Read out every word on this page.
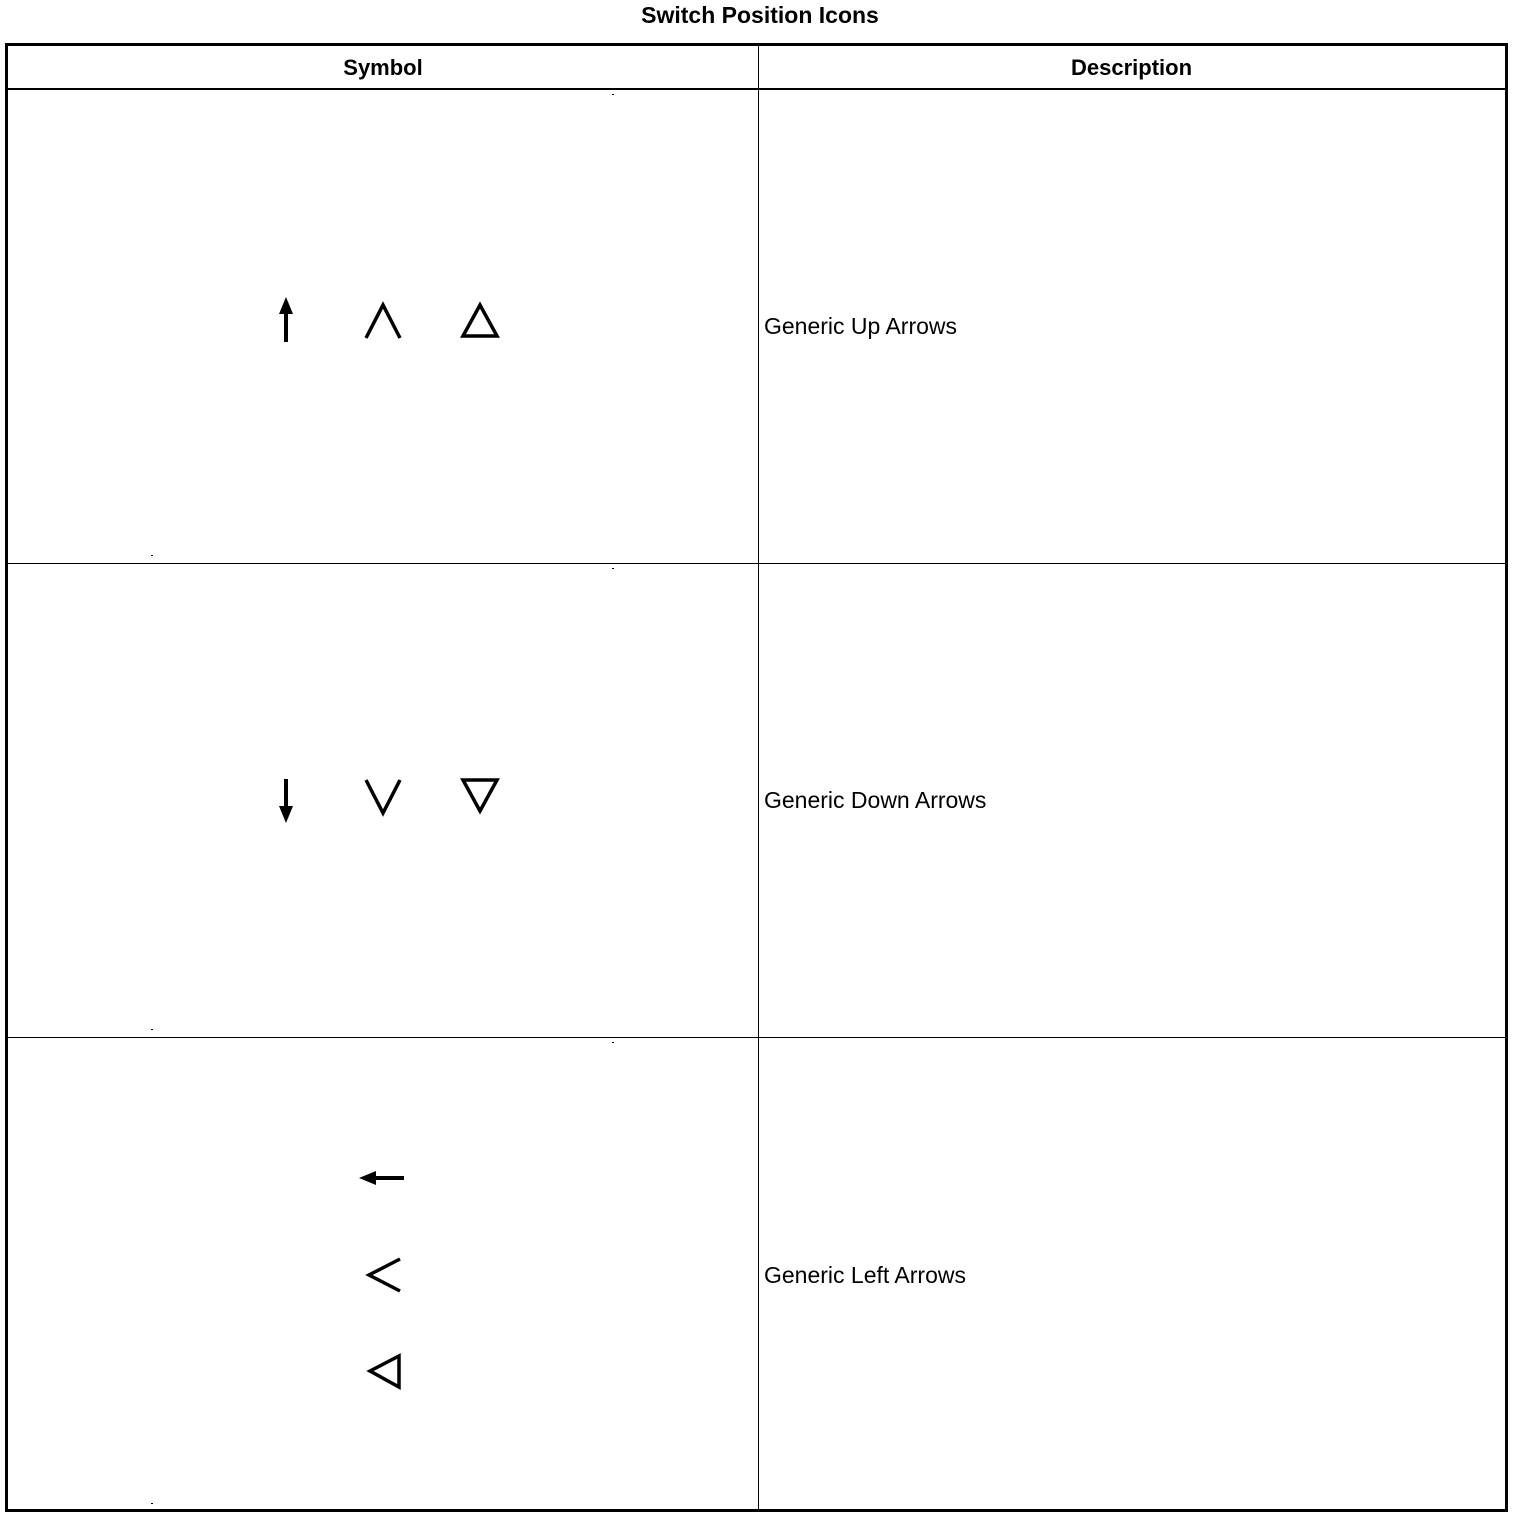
Switch Position Icons
Symbol	Description
Generic Up Arrows
Generic Down Arrows
Generic Left Arrows
